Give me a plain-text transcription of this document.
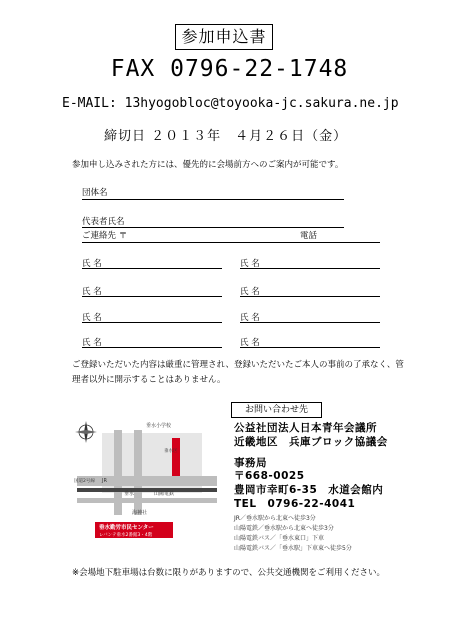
参加申込書
FAX 0796-22-1748
E-MAIL: 13hyogobloc@toyooka-jc.sakura.ne.jp
締切日 ２０１３年　４月２６日（金）
参加申し込みされた方には、優先的に会場前方へのご案内が可能です。
団体名
代表者氏名
ご連絡先 〒	電話
氏 名	氏 名
氏 名	氏 名
氏 名	氏 名
氏 名	氏 名
ご登録いただいた内容は厳重に管理され、登録いただいたご本人の事前の了承なく、管理者以外に開示することはありません。
垂水小学校
垂水区
国道2号線 JR
垂水	山陽電鉄
海神社
垂水勤労市民センター
レバンテ垂水2番館3・4階
お問い合わせ先
公益社団法人日本青年会議所
近畿地区　兵庫ブロック協議会
事務局
〒668-0025
豊岡市幸町6-35　水道会館内
TEL　0796-22-4041
JR／垂水駅から北東へ徒歩3分
山陽電鉄／垂水駅から北東へ徒歩3分
山陽電鉄バス／「垂水東口」下車
山陽電鉄バス／「垂水駅」下車東へ徒歩5分
※会場地下駐車場は台数に限りがありますので、公共交通機関をご利用ください。
